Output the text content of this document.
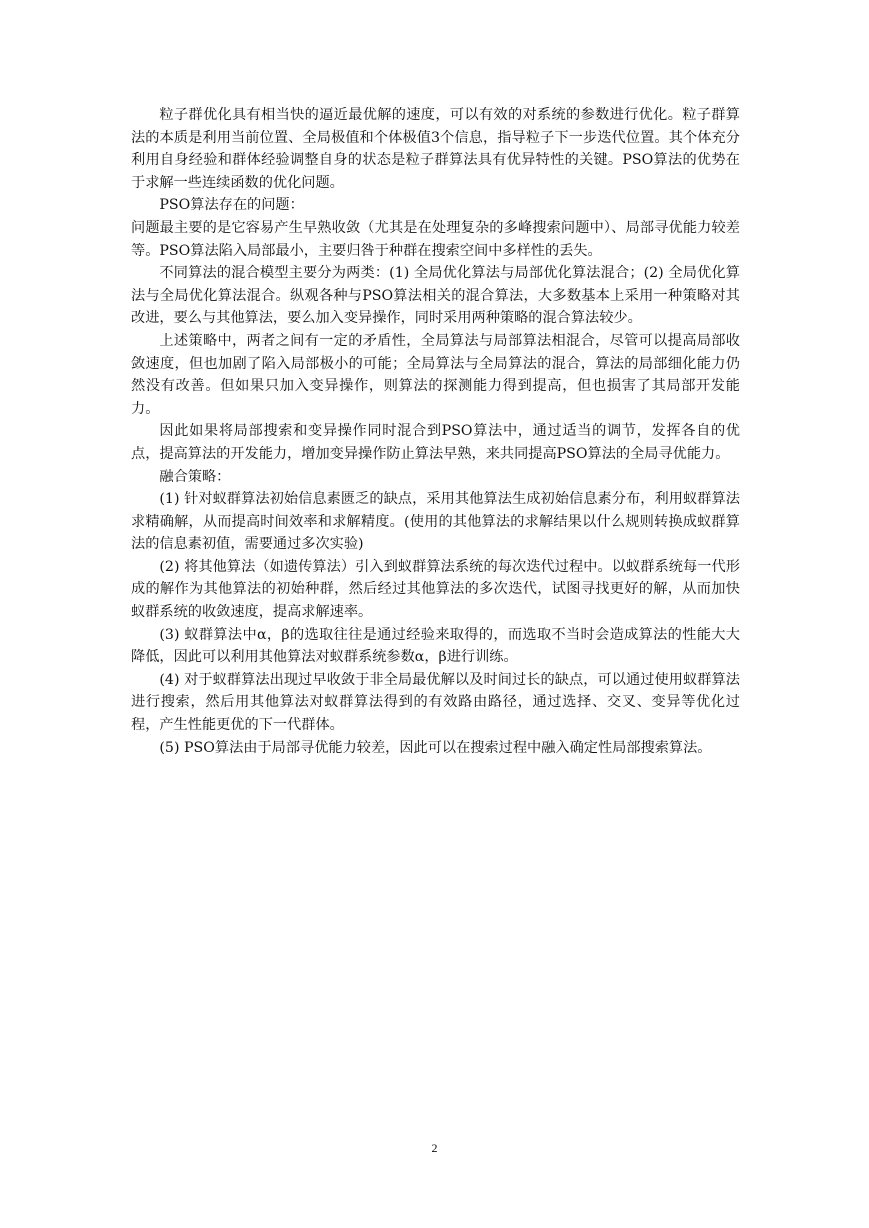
粒子群优化具有相当快的逼近最优解的速度，可以有效的对系统的参数进行优化。粒子群算法的本质是利用当前位置、全局极值和个体极值3个信息，指导粒子下一步迭代位置。其个体充分利用自身经验和群体经验调整自身的状态是粒子群算法具有优异特性的关键。PSO算法的优势在于求解一些连续函数的优化问题。

PSO算法存在的问题：

问题最主要的是它容易产生早熟收敛（尤其是在处理复杂的多峰搜索问题中）、局部寻优能力较差等。PSO算法陷入局部最小，主要归咎于种群在搜索空间中多样性的丢失。

不同算法的混合模型主要分为两类：(1) 全局优化算法与局部优化算法混合；(2) 全局优化算法与全局优化算法混合。纵观各种与PSO算法相关的混合算法，大多数基本上采用一种策略对其改进，要么与其他算法，要么加入变异操作，同时采用两种策略的混合算法较少。

上述策略中，两者之间有一定的矛盾性，全局算法与局部算法相混合，尽管可以提高局部收敛速度，但也加剧了陷入局部极小的可能；全局算法与全局算法的混合，算法的局部细化能力仍然没有改善。但如果只加入变异操作，则算法的探测能力得到提高，但也损害了其局部开发能力。

因此如果将局部搜索和变异操作同时混合到PSO算法中，通过适当的调节，发挥各自的优点，提高算法的开发能力，增加变异操作防止算法早熟，来共同提高PSO算法的全局寻优能力。

融合策略：

(1) 针对蚁群算法初始信息素匮乏的缺点，采用其他算法生成初始信息素分布，利用蚁群算法求精确解，从而提高时间效率和求解精度。(使用的其他算法的求解结果以什么规则转换成蚁群算法的信息素初值，需要通过多次实验)

(2) 将其他算法（如遗传算法）引入到蚁群算法系统的每次迭代过程中。以蚁群系统每一代形成的解作为其他算法的初始种群，然后经过其他算法的多次迭代，试图寻找更好的解，从而加快蚁群系统的收敛速度，提高求解速率。

(3) 蚁群算法中α，β的选取往往是通过经验来取得的，而选取不当时会造成算法的性能大大降低，因此可以利用其他算法对蚁群系统参数α，β进行训练。

(4) 对于蚁群算法出现过早收敛于非全局最优解以及时间过长的缺点，可以通过使用蚁群算法进行搜索，然后用其他算法对蚁群算法得到的有效路由路径，通过选择、交叉、变异等优化过程，产生性能更优的下一代群体。

(5) PSO算法由于局部寻优能力较差，因此可以在搜索过程中融入确定性局部搜索算法。

2
